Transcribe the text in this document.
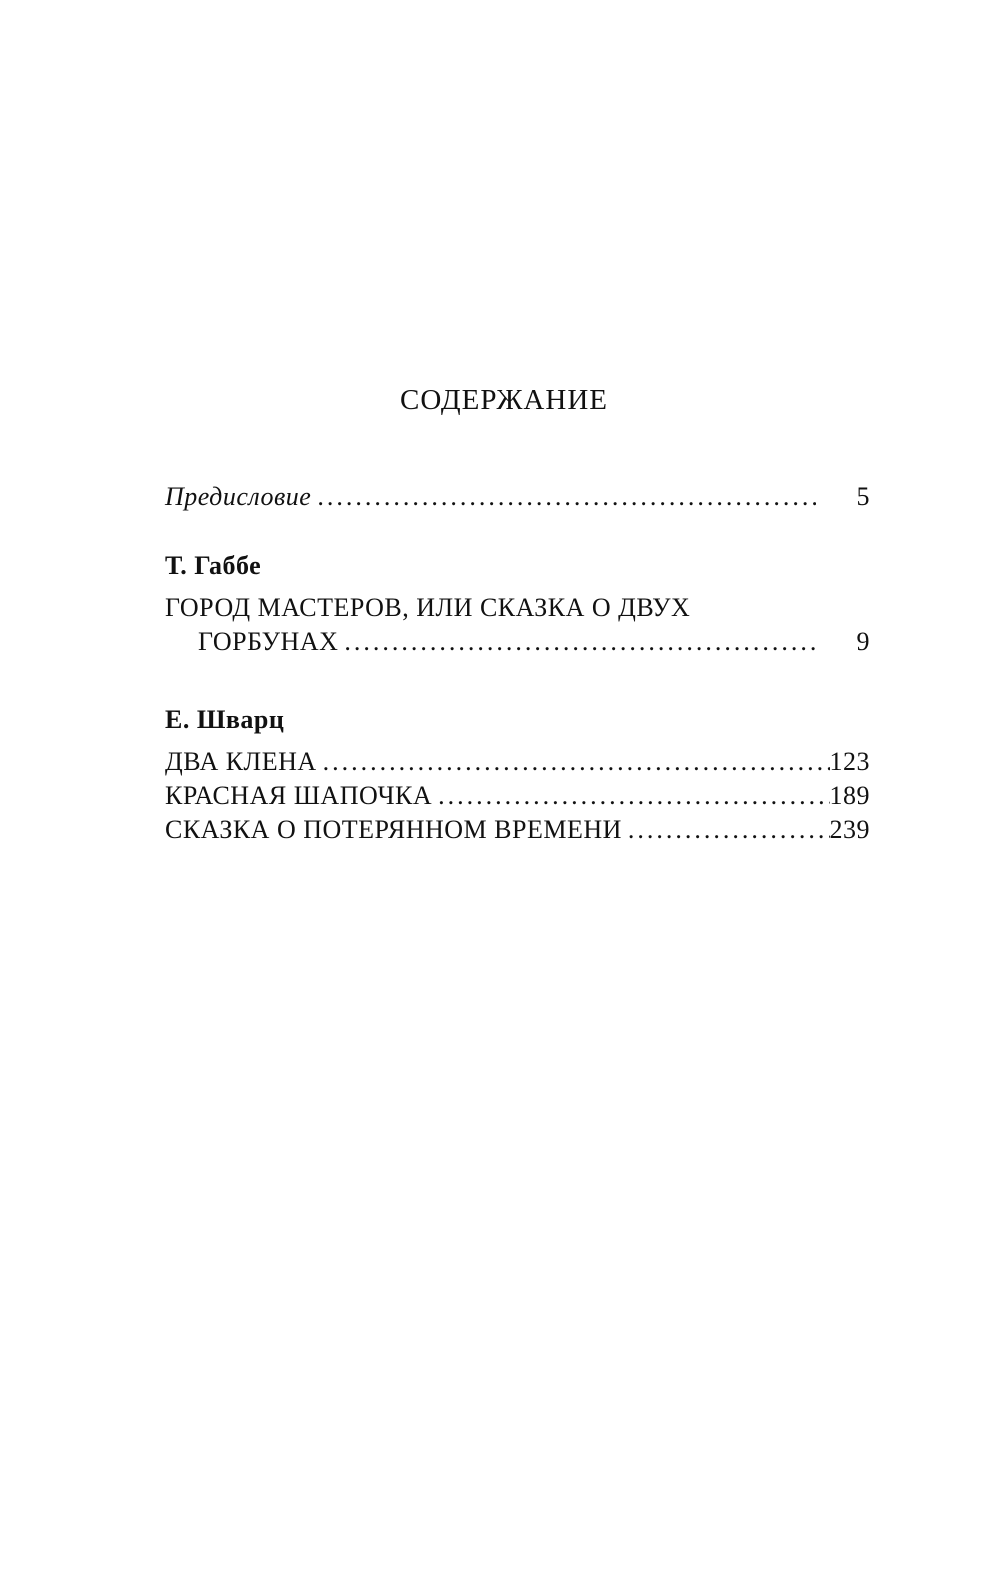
СОДЕРЖАНИЕ
Предисловие .....	5
Т. Габбе
ГОРОД МАСТЕРОВ, ИЛИ СКАЗКА О ДВУХ
ГОРБУНАХ .....	9
Е. Шварц
ДВА КЛЕНА .....	123
КРАСНАЯ ШАПОЧКА .....	189
СКАЗКА О ПОТЕРЯННОМ ВРЕМЕНИ .....	239
